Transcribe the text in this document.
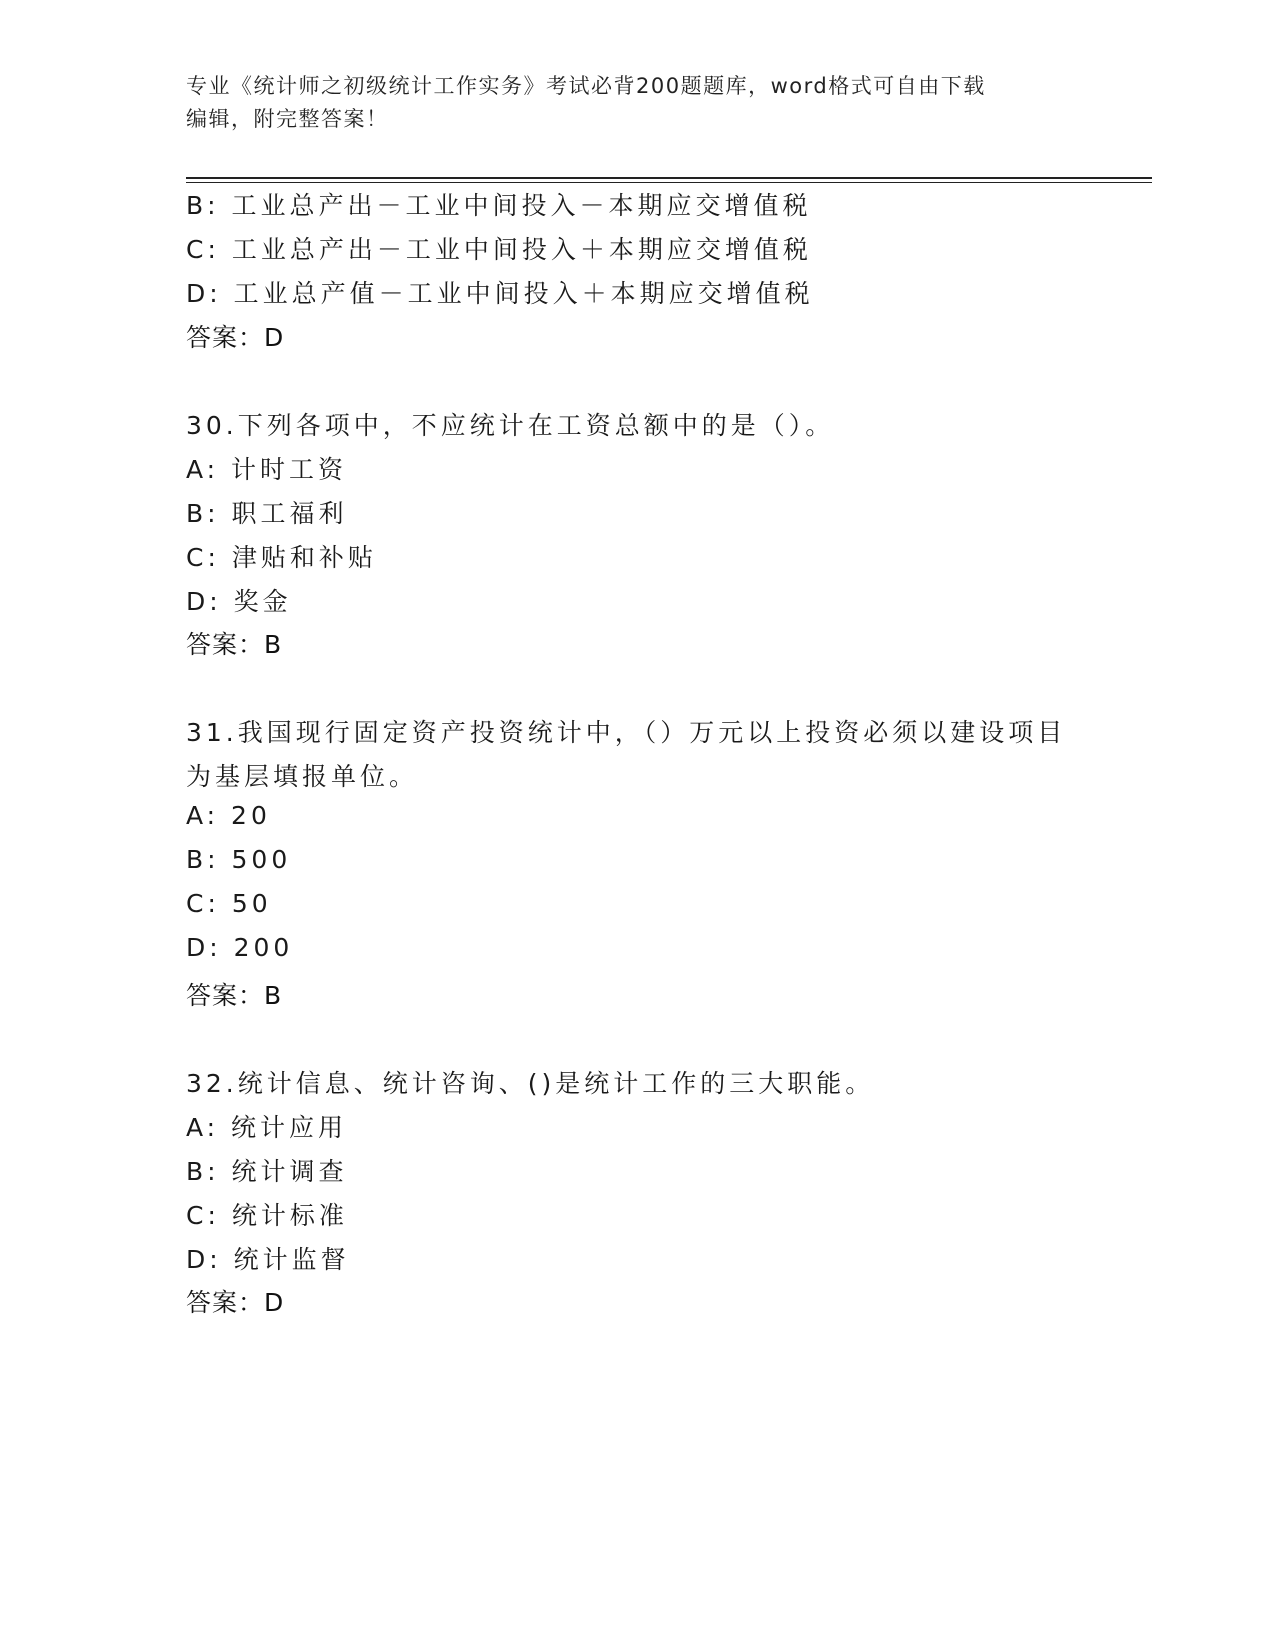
专业《统计师之初级统计工作实务》考试必背200题题库，word格式可自由下载
编辑，附完整答案！
B: 工业总产出－工业中间投入－本期应交增值税
C: 工业总产出－工业中间投入＋本期应交增值税
D: 工业总产值－工业中间投入＋本期应交增值税
答案：D
30.下列各项中，不应统计在工资总额中的是（）。
A: 计时工资
B: 职工福利
C: 津贴和补贴
D: 奖金
答案：B
31.我国现行固定资产投资统计中，（）万元以上投资必须以建设项目
为基层填报单位。
A: 20
B: 500
C: 50
D: 200
答案：B
32.统计信息、统计咨询、()是统计工作的三大职能。
A: 统计应用
B: 统计调查
C: 统计标准
D: 统计监督
答案：D
